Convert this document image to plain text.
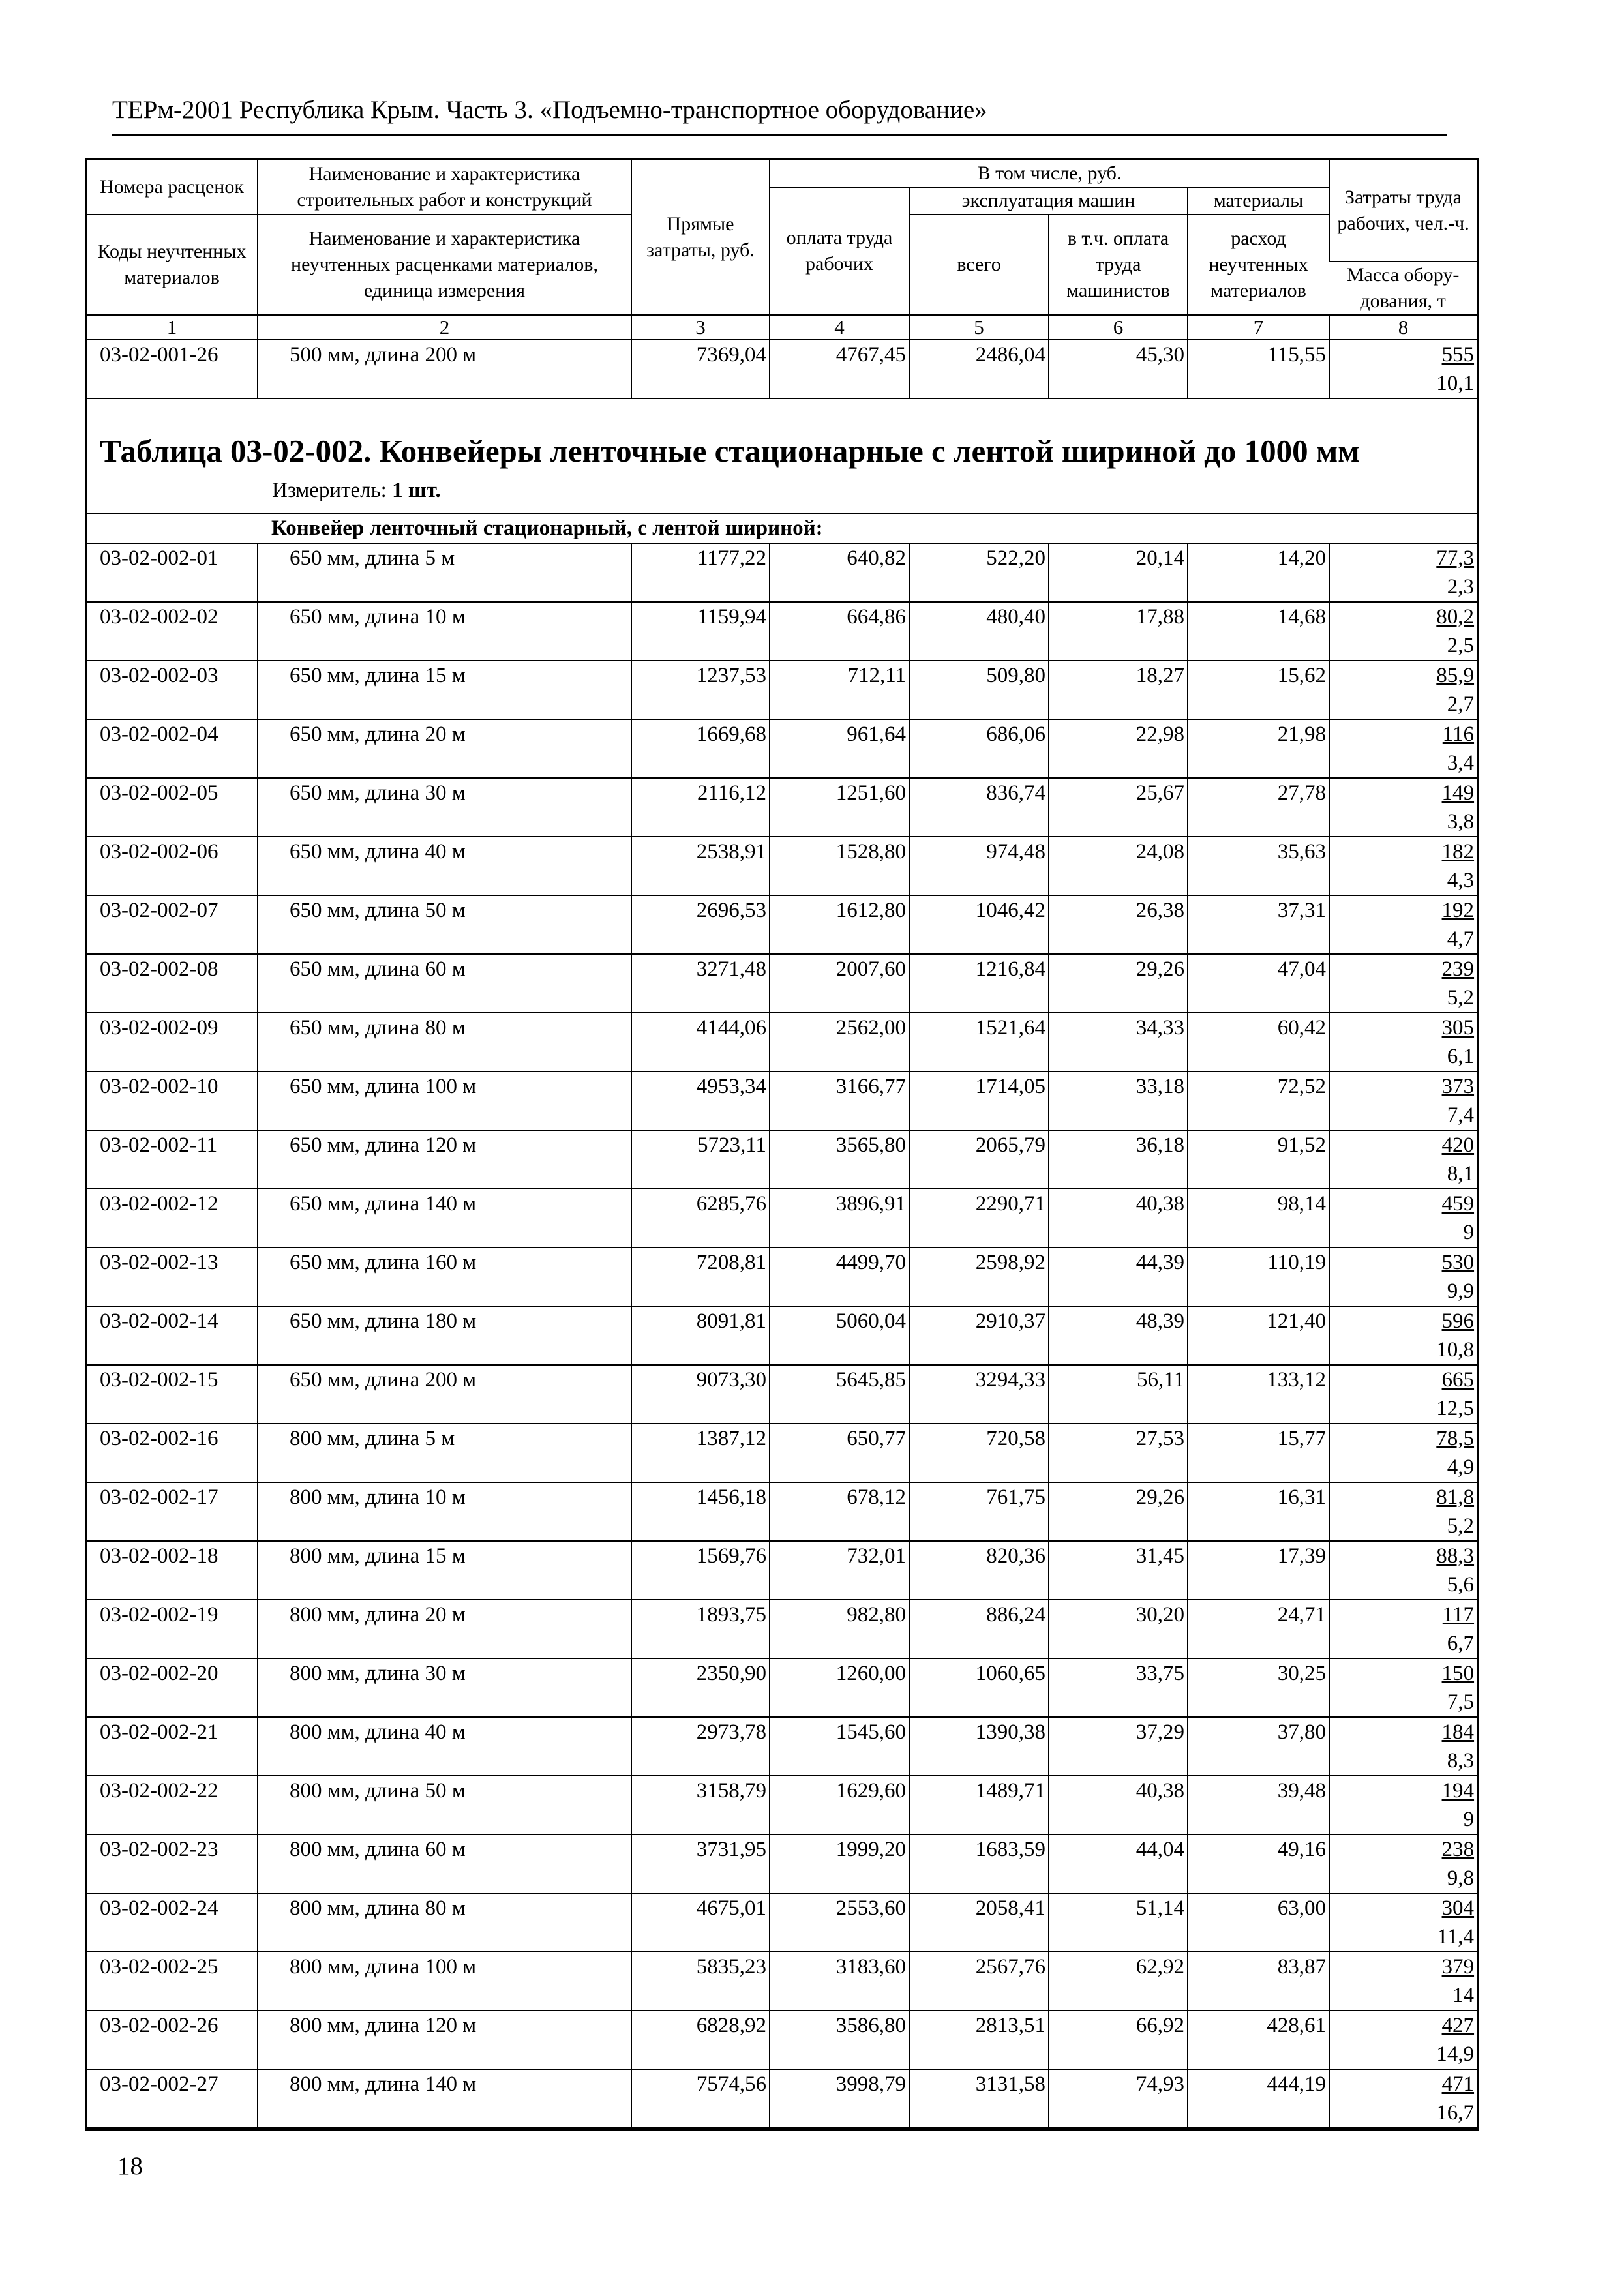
ТЕРм-2001 Республика Крым. Часть 3. «Подъемно-транспортное оборудование»
Номера расценок	Наименование и характеристика строительных работ и конструкций	Прямые затраты, руб.	В том числе, руб.				Затраты труда рабочих, чел.-ч.
			оплата труда рабочих	эксплуатация машин		материалы	
Коды неучтенных материалов	Наименование и характеристика неучтенных расценками материалов, единица измерения			всего	в т.ч. оплата труда машинистов	расход неучтенных материалов	
							Масса обору-дования, т
1	2	3	4	5	6	7	8
03-02-001-26	500 мм, длина 200 м	7369,04	4767,45	2486,04	45,30	115,55	555
10,1

Таблица 03-02-002. Конвейеры ленточные стационарные с лентой шириной до 1000 мм
Измеритель: 1 шт.							

Конвейер ленточный стационарный, с лентой шириной:							
03-02-002-01	650 мм, длина 5 м	1177,22	640,82	522,20	20,14	14,20	77,3
2,3

03-02-002-02	650 мм, длина 10 м	1159,94	664,86	480,40	17,88	14,68	80,2
2,5

03-02-002-03	650 мм, длина 15 м	1237,53	712,11	509,80	18,27	15,62	85,9
2,7

03-02-002-04	650 мм, длина 20 м	1669,68	961,64	686,06	22,98	21,98	116
3,4

03-02-002-05	650 мм, длина 30 м	2116,12	1251,60	836,74	25,67	27,78	149
3,8

03-02-002-06	650 мм, длина 40 м	2538,91	1528,80	974,48	24,08	35,63	182
4,3

03-02-002-07	650 мм, длина 50 м	2696,53	1612,80	1046,42	26,38	37,31	192
4,7

03-02-002-08	650 мм, длина 60 м	3271,48	2007,60	1216,84	29,26	47,04	239
5,2

03-02-002-09	650 мм, длина 80 м	4144,06	2562,00	1521,64	34,33	60,42	305
6,1

03-02-002-10	650 мм, длина 100 м	4953,34	3166,77	1714,05	33,18	72,52	373
7,4

03-02-002-11	650 мм, длина 120 м	5723,11	3565,80	2065,79	36,18	91,52	420
8,1

03-02-002-12	650 мм, длина 140 м	6285,76	3896,91	2290,71	40,38	98,14	459
9

03-02-002-13	650 мм, длина 160 м	7208,81	4499,70	2598,92	44,39	110,19	530
9,9

03-02-002-14	650 мм, длина 180 м	8091,81	5060,04	2910,37	48,39	121,40	596
10,8

03-02-002-15	650 мм, длина 200 м	9073,30	5645,85	3294,33	56,11	133,12	665
12,5

03-02-002-16	800 мм, длина 5 м	1387,12	650,77	720,58	27,53	15,77	78,5
4,9

03-02-002-17	800 мм, длина 10 м	1456,18	678,12	761,75	29,26	16,31	81,8
5,2

03-02-002-18	800 мм, длина 15 м	1569,76	732,01	820,36	31,45	17,39	88,3
5,6

03-02-002-19	800 мм, длина 20 м	1893,75	982,80	886,24	30,20	24,71	117
6,7

03-02-002-20	800 мм, длина 30 м	2350,90	1260,00	1060,65	33,75	30,25	150
7,5

03-02-002-21	800 мм, длина 40 м	2973,78	1545,60	1390,38	37,29	37,80	184
8,3

03-02-002-22	800 мм, длина 50 м	3158,79	1629,60	1489,71	40,38	39,48	194
9

03-02-002-23	800 мм, длина 60 м	3731,95	1999,20	1683,59	44,04	49,16	238
9,8

03-02-002-24	800 мм, длина 80 м	4675,01	2553,60	2058,41	51,14	63,00	304
11,4

03-02-002-25	800 мм, длина 100 м	5835,23	3183,60	2567,76	62,92	83,87	379
14

03-02-002-26	800 мм, длина 120 м	6828,92	3586,80	2813,51	66,92	428,61	427
14,9

03-02-002-27	800 мм, длина 140 м	7574,56	3998,79	3131,58	74,93	444,19	471
16,7
18
